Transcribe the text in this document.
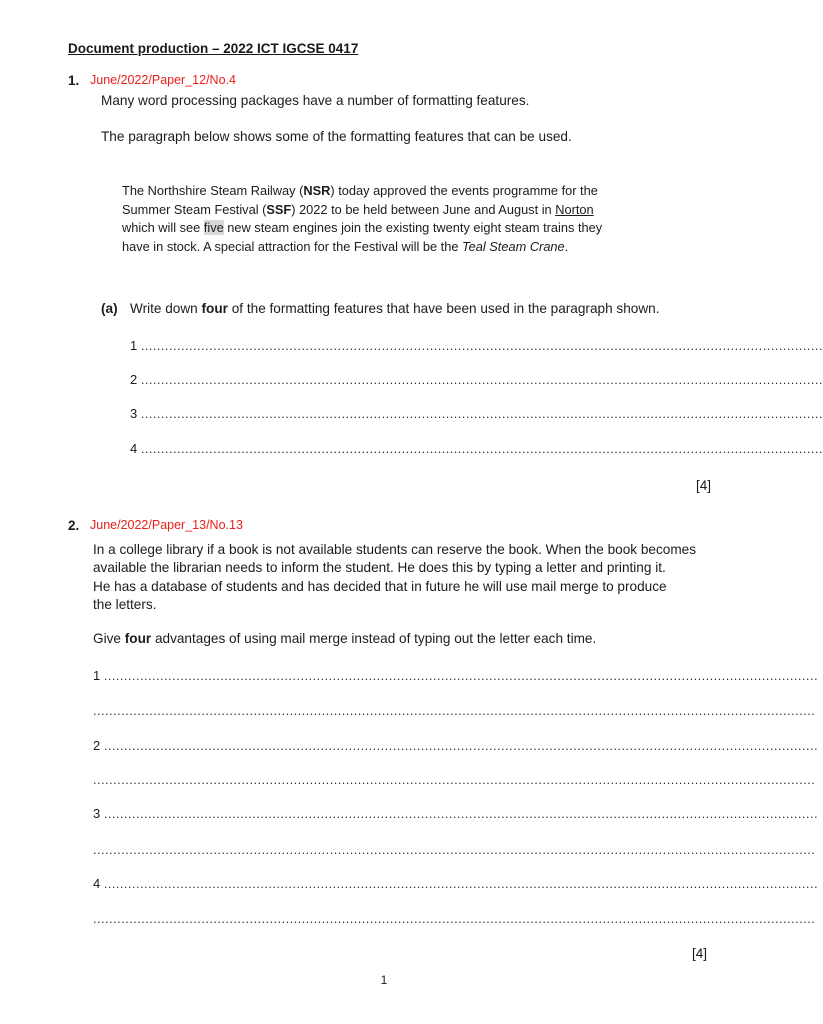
Document production – 2022 ICT IGCSE 0417
1. June/2022/Paper_12/No.4
Many word processing packages have a number of formatting features.
The paragraph below shows some of the formatting features that can be used.
The Northshire Steam Railway (NSR) today approved the events programme for the
Summer Steam Festival (SSF) 2022 to be held between June and August in Norton
which will see five new steam engines join the existing twenty eight steam trains they
have in stock. A special attraction for the Festival will be the Teal Steam Crane.
(a) Write down four of the formatting features that have been used in the paragraph shown.
1 ..........................................................................................................................................................................
2 ..........................................................................................................................................................................
3 ..........................................................................................................................................................................
4 ..........................................................................................................................................................................
[4]
2. June/2022/Paper_13/No.13
In a college library if a book is not available students can reserve the book. When the book becomes
available the librarian needs to inform the student. He does this by typing a letter and printing it.
He has a database of students and has decided that in future he will use mail merge to produce
the letters.
Give four advantages of using mail merge instead of typing out the letter each time.
1 ..................................................................................................................................................................................
....................................................................................................................................................................................
2 ..................................................................................................................................................................................
....................................................................................................................................................................................
3 ..................................................................................................................................................................................
....................................................................................................................................................................................
4 ..................................................................................................................................................................................
....................................................................................................................................................................................
[4]
1
